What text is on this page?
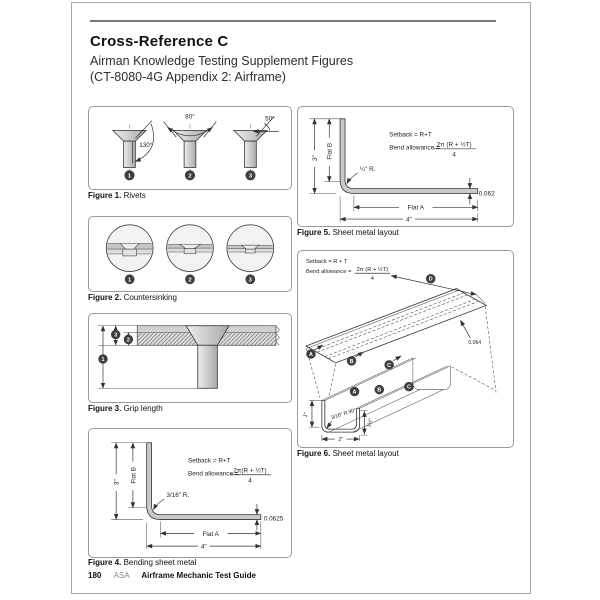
Cross-Reference C
Airman Knowledge Testing Supplement Figures
(CT-8080-4G Appendix 2: Airframe)
130°
80°	50°
1	2	3
Figure 1. Rivets
1	2	3
Figure 2. Countersinking
1
3
2
Figure 3. Grip length
3" Flat B
3/16" R.
Setback = R+T
Bend allowance =
2π(R + ½T)
4
0.0625
Flat A
4"
Figure 4. Bending sheet metal
3" Flat B
¼" R.
Setback = R+T
Bend allowance =
2π (R + ½T)
4
0.062
Flat A
4"
Figure 5. Sheet metal layout
Setback = R + T
Bend allowance = 2π (R + ½T)
4
A
B
C
D
0.064
A	B	C
1"	3/16" R 90°
2"
1½"
Figure 6. Sheet metal layout
180 ASA Airframe Mechanic Test Guide
